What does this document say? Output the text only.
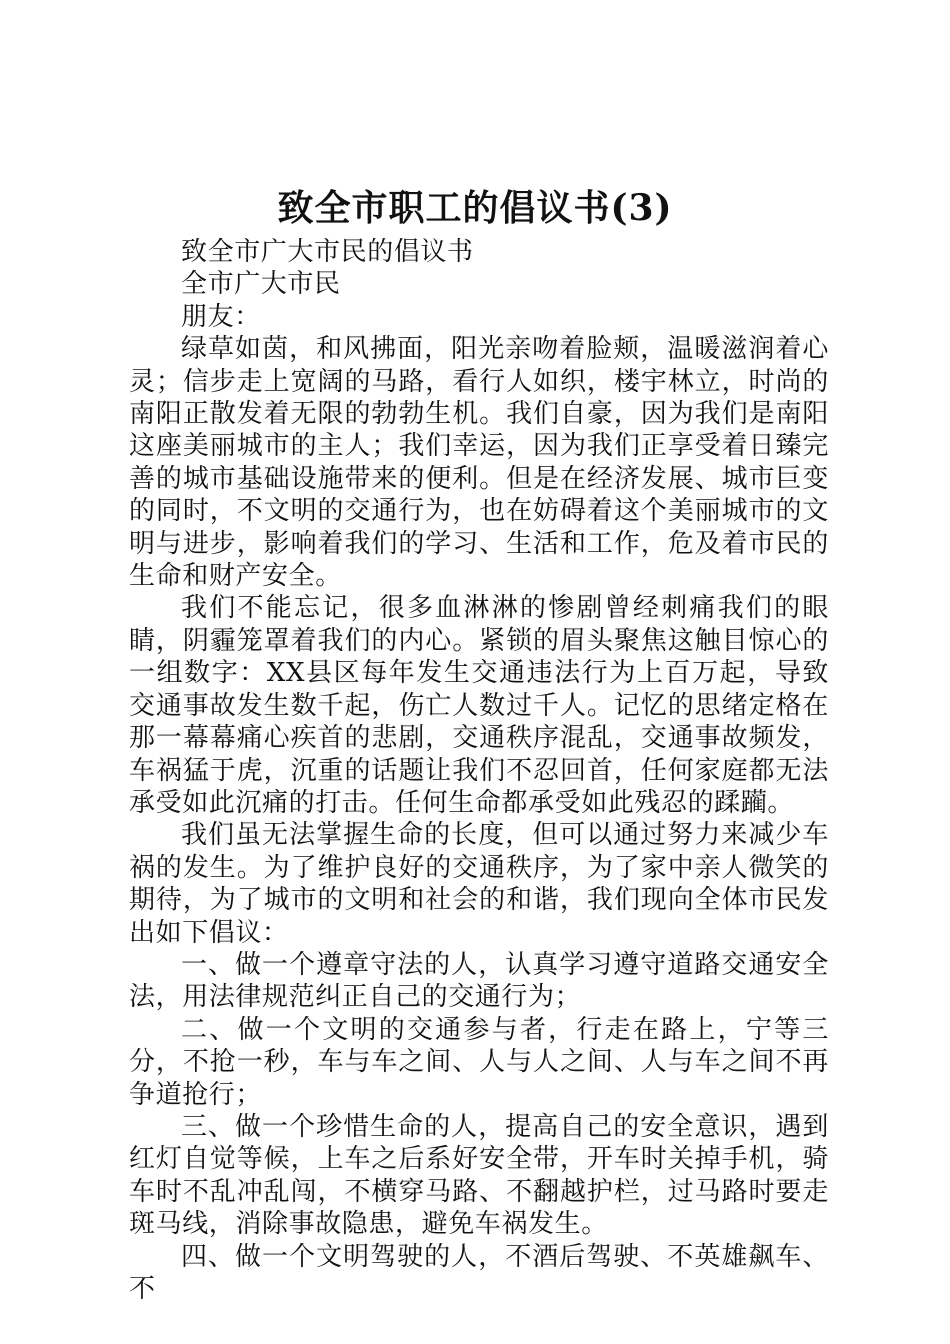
致全市职工的倡议书(3)

致全市广大市民的倡议书

全市广大市民

朋友：

绿草如茵，和风拂面，阳光亲吻着脸颊，温暖滋润着心灵；信步走上宽阔的马路，看行人如织，楼宇林立，时尚的南阳正散发着无限的勃勃生机。我们自豪，因为我们是南阳这座美丽城市的主人；我们幸运，因为我们正享受着日臻完善的城市基础设施带来的便利。但是在经济发展、城市巨变的同时，不文明的交通行为，也在妨碍着这个美丽城市的文明与进步，影响着我们的学习、生活和工作，危及着市民的生命和财产安全。

我们不能忘记，很多血淋淋的惨剧曾经刺痛我们的眼睛，阴霾笼罩着我们的内心。紧锁的眉头聚焦这触目惊心的一组数字：XX县区每年发生交通违法行为上百万起，导致交通事故发生数千起，伤亡人数过千人。记忆的思绪定格在那一幕幕痛心疾首的悲剧，交通秩序混乱，交通事故频发，车祸猛于虎，沉重的话题让我们不忍回首，任何家庭都无法承受如此沉痛的打击。任何生命都承受如此残忍的蹂躏。

我们虽无法掌握生命的长度，但可以通过努力来减少车祸的发生。为了维护良好的交通秩序，为了家中亲人微笑的期待，为了城市的文明和社会的和谐，我们现向全体市民发出如下倡议：

一、做一个遵章守法的人，认真学习遵守道路交通安全法，用法律规范纠正自己的交通行为；

二、做一个文明的交通参与者，行走在路上，宁等三分，不抢一秒，车与车之间、人与人之间、人与车之间不再争道抢行；

三、做一个珍惜生命的人，提高自己的安全意识，遇到红灯自觉等候，上车之后系好安全带，开车时关掉手机，骑车时不乱冲乱闯，不横穿马路、不翻越护栏，过马路时要走斑马线，消除事故隐患，避免车祸发生。

四、做一个文明驾驶的人，不酒后驾驶、不英雄飙车、不
